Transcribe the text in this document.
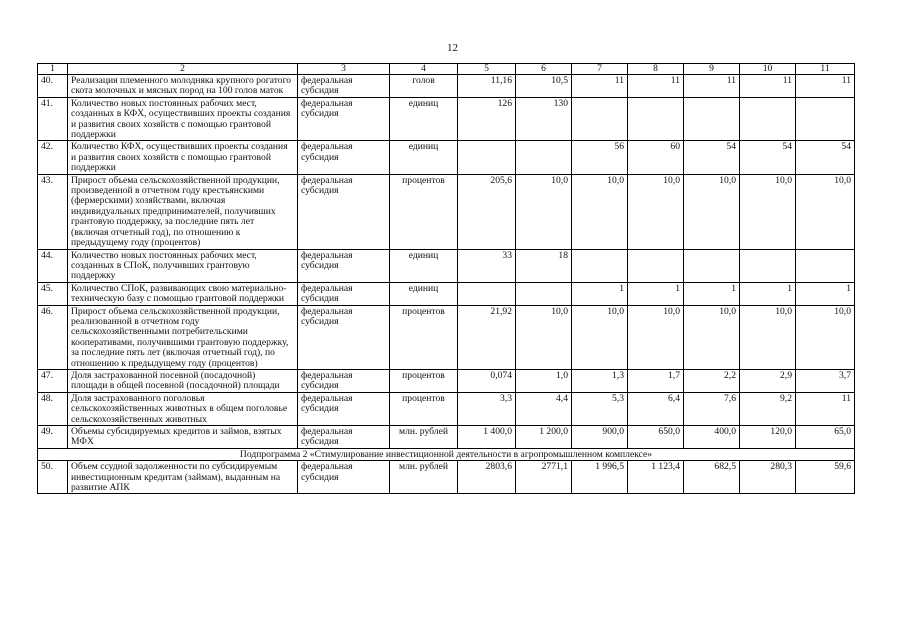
12
1	2	3	4	5	6	7	8	9	10	11
40.	Реализация племенного молодняка крупного рогатого скота молочных и мясных пород на 100 голов маток	федеральная субсидия	голов	11,16	10,5	11	11	11	11	11
41.	Количество новых постоянных рабочих мест, созданных в КФХ, осуществивших проекты создания и развития своих хозяйств с помощью грантовой поддержки	федеральная субсидия	единиц	126	130					
42.	Количество КФХ, осуществивших проекты создания и развития своих хозяйств с помощью грантовой поддержки	федеральная субсидия	единиц			56	60	54	54	54
43.	Прирост объема сельскохозяйственной продукции, произведенной в отчетном году крестьянскими (фермерскими) хозяйствами, включая индивидуальных предпринимателей, получивших грантовую поддержку, за последние пять лет (включая отчетный год), по отношению к предыдущему году (процентов)	федеральная субсидия	процентов	205,6	10,0	10,0	10,0	10,0	10,0	10,0
44.	Количество новых постоянных рабочих мест, созданных в СПоК, получивших грантовую поддержку	федеральная субсидия	единиц	33	18					
45.	Количество СПоК, развивающих свою материально-техническую базу с помощью грантовой поддержки	федеральная субсидия	единиц			1	1	1	1	1
46.	Прирост объема сельскохозяйственной продукции, реализованной в отчетном году сельскохозяйственными потребительскими кооперативами, получившими грантовую поддержку, за последние пять лет (включая отчетный год), по отношению к предыдущему году (процентов)	федеральная субсидия	процентов	21,92	10,0	10,0	10,0	10,0	10,0	10,0
47.	Доля застрахованной посевной (посадочной) площади в общей посевной (посадочной) площади	федеральная субсидия	процентов	0,074	1,0	1,3	1,7	2,2	2,9	3,7
48.	Доля застрахованного поголовья сельскохозяйственных животных в общем поголовье сельскохозяйственных животных	федеральная субсидия	процентов	3,3	4,4	5,3	6,4	7,6	9,2	11
49.	Объемы субсидируемых кредитов и займов, взятых МФХ	федеральная субсидия	млн. рублей	1 400,0	1 200,0	900,0	650,0	400,0	120,0	65,0
Подпрограмма 2 «Стимулирование инвестиционной деятельности в агропромышленном комплексе»										
50.	Объем ссудной задолженности по субсидируемым инвестиционным кредитам (займам), выданным на развитие АПК	федеральная субсидия	млн. рублей	2803,6	2771,1	1 996,5	1 123,4	682,5	280,3	59,6
